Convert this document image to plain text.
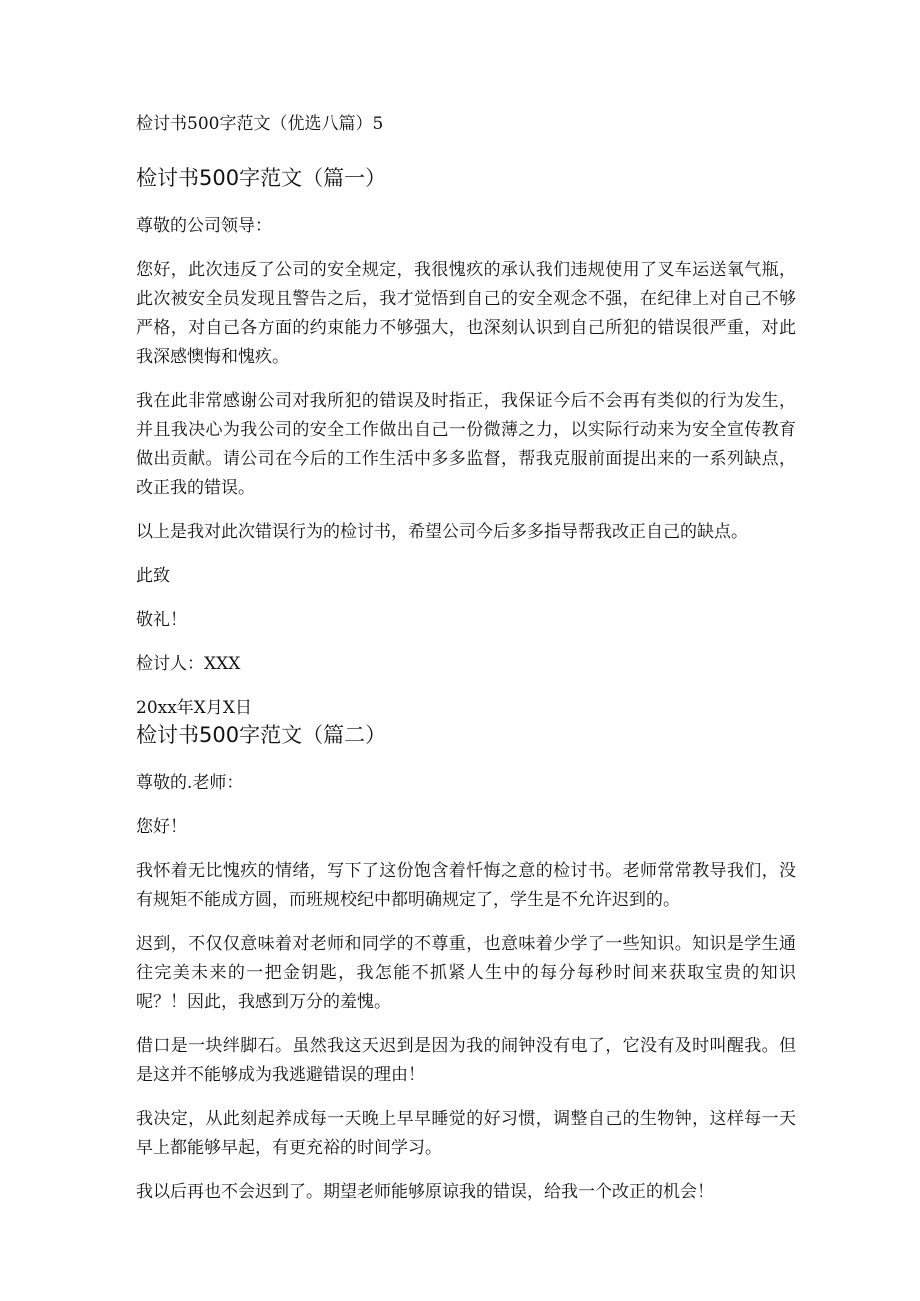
检讨书500字范文（优选八篇）5
检讨书500字范文（篇一）

尊敬的公司领导：

您好，此次违反了公司的安全规定，我很愧疚的承认我们违规使用了叉车运送氧气瓶，此次被安全员发现且警告之后，我才觉悟到自己的安全观念不强，在纪律上对自己不够严格，对自己各方面的约束能力不够强大，也深刻认识到自己所犯的错误很严重，对此我深感懊悔和愧疚。

我在此非常感谢公司对我所犯的错误及时指正，我保证今后不会再有类似的行为发生，并且我决心为我公司的安全工作做出自己一份微薄之力，以实际行动来为安全宣传教育做出贡献。请公司在今后的工作生活中多多监督，帮我克服前面提出来的一系列缺点，改正我的错误。

以上是我对此次错误行为的检讨书，希望公司今后多多指导帮我改正自己的缺点。

此致

敬礼！

检讨人：XXX

20xx年X月X日

检讨书500字范文（篇二）

尊敬的.老师：

您好！

我怀着无比愧疚的情绪，写下了这份饱含着忏悔之意的检讨书。老师常常教导我们，没有规矩不能成方圆，而班规校纪中都明确规定了，学生是不允许迟到的。

迟到，不仅仅意味着对老师和同学的不尊重，也意味着少学了一些知识。知识是学生通往完美未来的一把金钥匙，我怎能不抓紧人生中的每分每秒时间来获取宝贵的知识呢？！因此，我感到万分的羞愧。

借口是一块绊脚石。虽然我这天迟到是因为我的闹钟没有电了，它没有及时叫醒我。但是这并不能够成为我逃避错误的理由！

我决定，从此刻起养成每一天晚上早早睡觉的好习惯，调整自己的生物钟，这样每一天早上都能够早起，有更充裕的时间学习。

我以后再也不会迟到了。期望老师能够原谅我的错误，给我一个改正的机会！
